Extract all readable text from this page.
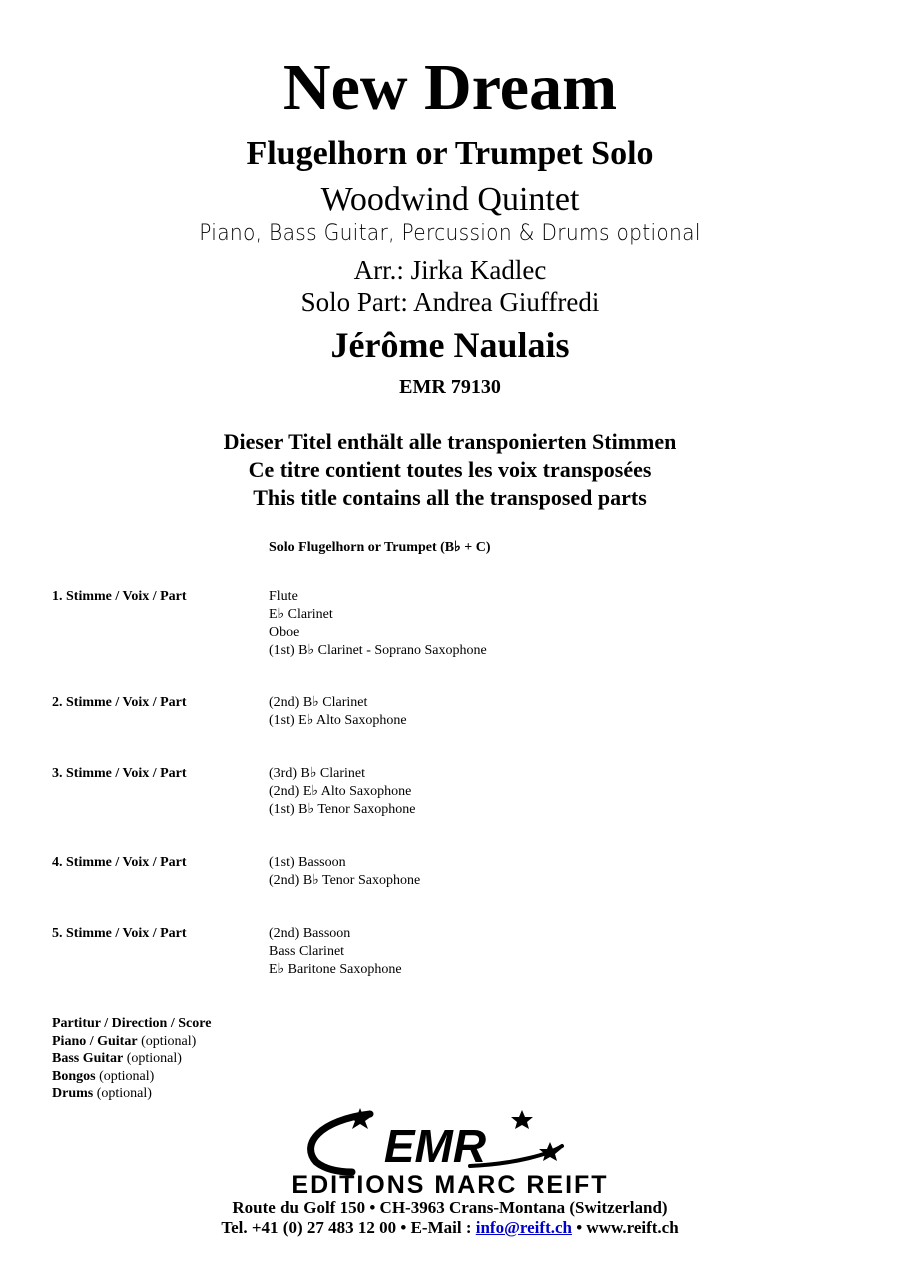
New Dream
Flugelhorn or Trumpet Solo
Woodwind Quintet
Piano, Bass Guitar, Percussion & Drums optional
Arr.: Jirka Kadlec
Solo Part: Andrea Giuffredi
Jérôme Naulais
EMR 79130
Dieser Titel enthält alle transponierten Stimmen
Ce titre contient toutes les voix transposées
This title contains all the transposed parts
Solo Flugelhorn or Trumpet (B♭ + C)
1. Stimme / Voix / Part	Flute
E♭ Clarinet
Oboe
(1st) B♭ Clarinet - Soprano Saxophone
2. Stimme / Voix / Part	(2nd) B♭ Clarinet
(1st) E♭ Alto Saxophone
3. Stimme / Voix / Part	(3rd) B♭ Clarinet
(2nd) E♭ Alto Saxophone
(1st) B♭ Tenor Saxophone
4. Stimme / Voix / Part	(1st) Bassoon
(2nd) B♭ Tenor Saxophone
5. Stimme / Voix / Part	(2nd) Bassoon
Bass Clarinet
E♭ Baritone Saxophone
Partitur / Direction / Score
Piano / Guitar (optional)
Bass Guitar (optional)
Bongos (optional)
Drums (optional)
EMR
EDITIONS MARC REIFT
Route du Golf 150 • CH-3963 Crans-Montana (Switzerland)
Tel. +41 (0) 27 483 12 00 • E-Mail : info@reift.ch • www.reift.ch
